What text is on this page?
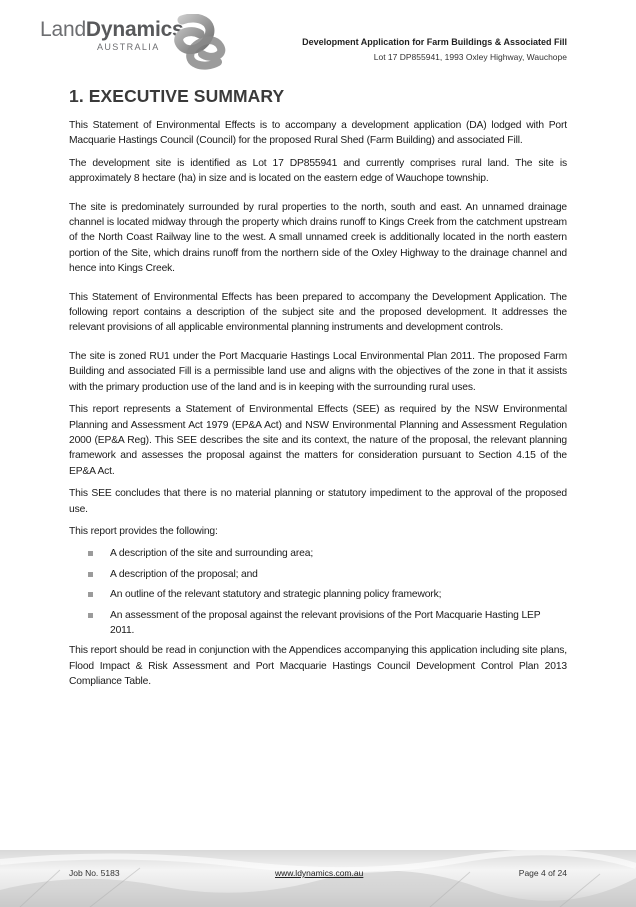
LandDynamics
AUSTRALIA	Development Application for Farm Buildings & Associated Fill
Lot 17 DP855941, 1993 Oxley Highway, Wauchope
1. EXECUTIVE SUMMARY

This Statement of Environmental Effects is to accompany a development application (DA) lodged with Port Macquarie Hastings Council (Council) for the proposed Rural Shed (Farm Building) and associated Fill.

The development site is identified as Lot 17 DP855941 and currently comprises rural land. The site is approximately 8 hectare (ha) in size and is located on the eastern edge of Wauchope township.

The site is predominately surrounded by rural properties to the north, south and east. An unnamed drainage channel is located midway through the property which drains runoff to Kings Creek from the catchment upstream of the North Coast Railway line to the west. A small unnamed creek is additionally located in the north eastern portion of the Site, which drains runoff from the northern side of the Oxley Highway to the drainage channel and hence into Kings Creek.

This Statement of Environmental Effects has been prepared to accompany the Development Application. The following report contains a description of the subject site and the proposed development. It addresses the relevant provisions of all applicable environmental planning instruments and development controls.

The site is zoned RU1 under the Port Macquarie Hastings Local Environmental Plan 2011. The proposed Farm Building and associated Fill is a permissible land use and aligns with the objectives of the zone in that it assists with the primary production use of the land and is in keeping with the surrounding rural uses.

This report represents a Statement of Environmental Effects (SEE) as required by the NSW Environmental Planning and Assessment Act 1979 (EP&A Act) and NSW Environmental Planning and Assessment Regulation 2000 (EP&A Reg). This SEE describes the site and its context, the nature of the proposal, the relevant planning framework and assesses the proposal against the matters for consideration pursuant to Section 4.15 of the EP&A Act.

This SEE concludes that there is no material planning or statutory impediment to the approval of the proposed use.

This report provides the following:

A description of the site and surrounding area;
A description of the proposal; and
An outline of the relevant statutory and strategic planning policy framework;
An assessment of the proposal against the relevant provisions of the Port Macquarie Hasting LEP 2011.

This report should be read in conjunction with the Appendices accompanying this application including site plans, Flood Impact & Risk Assessment and Port Macquarie Hastings Council Development Control Plan 2013 Compliance Table.

Job No. 5183	www.ldynamics.com.au	Page 4 of 24
